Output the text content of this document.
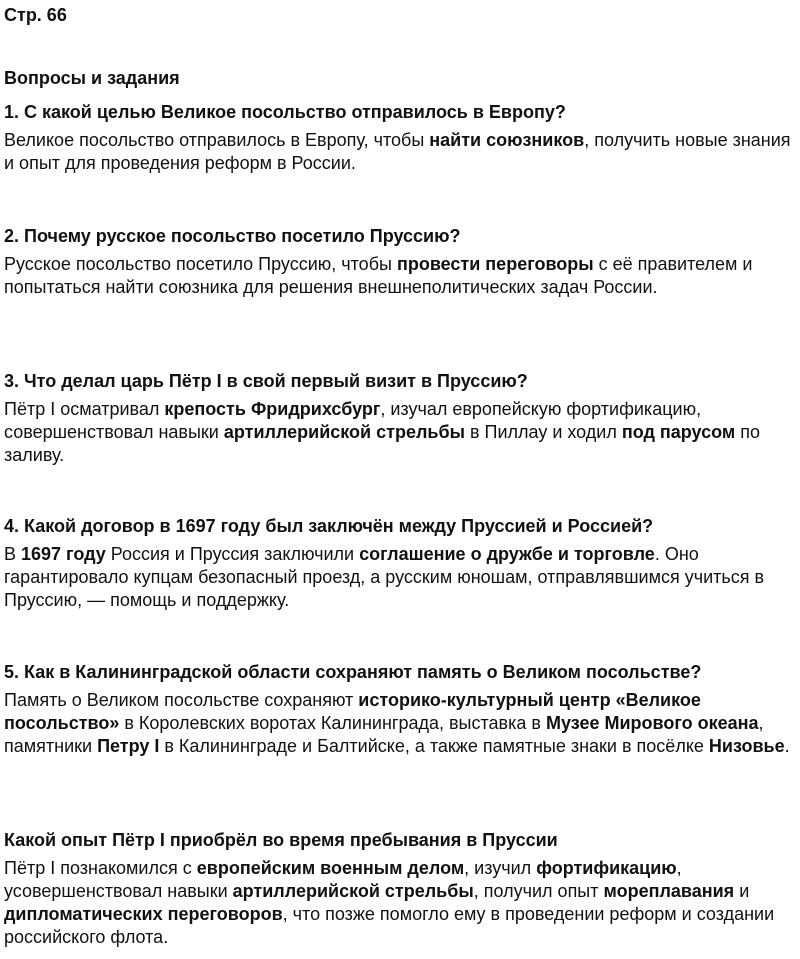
Стр. 66
Вопросы и задания
1. С какой целью Великое посольство отправилось в Европу?

Великое посольство отправилось в Европу, чтобы найти союзников, получить новые знания и опыт для проведения реформ в России.

2. Почему русское посольство посетило Пруссию?

Русское посольство посетило Пруссию, чтобы провести переговоры с её правителем и попытаться найти союзника для решения внешнеполитических задач России.

3. Что делал царь Пётр I в свой первый визит в Пруссию?

Пётр I осматривал крепость Фридрихсбург, изучал европейскую фортификацию, совершенствовал навыки артиллерийской стрельбы в Пиллау и ходил под парусом по заливу.

4. Какой договор в 1697 году был заключён между Пруссией и Россией?

В 1697 году Россия и Пруссия заключили соглашение о дружбе и торговле. Оно гарантировало купцам безопасный проезд, а русским юношам, отправлявшимся учиться в Пруссию, — помощь и поддержку.

5. Как в Калининградской области сохраняют память о Великом посольстве?

Память о Великом посольстве сохраняют историко-культурный центр «Великое посольство» в Королевских воротах Калининграда, выставка в Музее Мирового океана, памятники Петру I в Калининграде и Балтийске, а также памятные знаки в посёлке Низовье.

Какой опыт Пётр I приобрёл во время пребывания в Пруссии

Пётр I познакомился с европейским военным делом, изучил фортификацию, усовершенствовал навыки артиллерийской стрельбы, получил опыт мореплавания и дипломатических переговоров, что позже помогло ему в проведении реформ и создании российского флота.
